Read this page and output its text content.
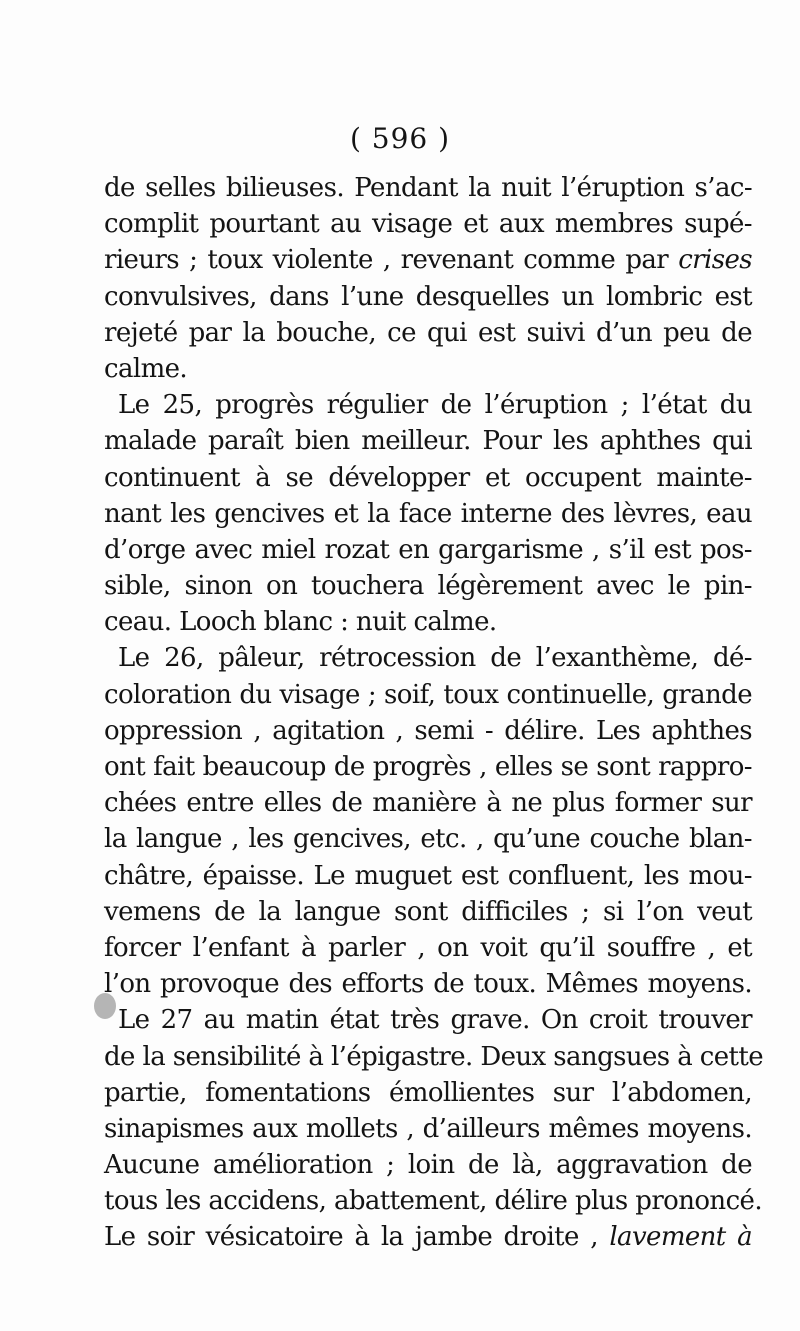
( 596 )
de selles bilieuses. Pendant la nuit l’éruption s’ac-
complit pourtant au visage et aux membres supé-
rieurs ; toux violente , revenant comme par crises
convulsives, dans l’une desquelles un lombric est
rejeté par la bouche, ce qui est suivi d’un peu de
calme.
Le 25, progrès régulier de l’éruption ; l’état du
malade paraît bien meilleur. Pour les aphthes qui
continuent à se développer et occupent mainte-
nant les gencives et la face interne des lèvres, eau
d’orge avec miel rozat en gargarisme , s’il est pos-
sible, sinon on touchera légèrement avec le pin-
ceau. Looch blanc : nuit calme.
Le 26, pâleur, rétrocession de l’exanthème, dé-
coloration du visage ; soif, toux continuelle, grande
oppression , agitation , semi - délire. Les aphthes
ont fait beaucoup de progrès , elles se sont rappro-
chées entre elles de manière à ne plus former sur
la langue , les gencives, etc. , qu’une couche blan-
châtre, épaisse. Le muguet est confluent, les mou-
vemens de la langue sont difficiles ; si l’on veut
forcer l’enfant à parler , on voit qu’il souffre , et
l’on provoque des efforts de toux. Mêmes moyens.
Le 27 au matin état très grave. On croit trouver
de la sensibilité à l’épigastre. Deux sangsues à cette
partie, fomentations émollientes sur l’abdomen,
sinapismes aux mollets , d’ailleurs mêmes moyens.
Aucune amélioration ; loin de là, aggravation de
tous les accidens, abattement, délire plus prononcé.
Le soir vésicatoire à la jambe droite , lavement à
